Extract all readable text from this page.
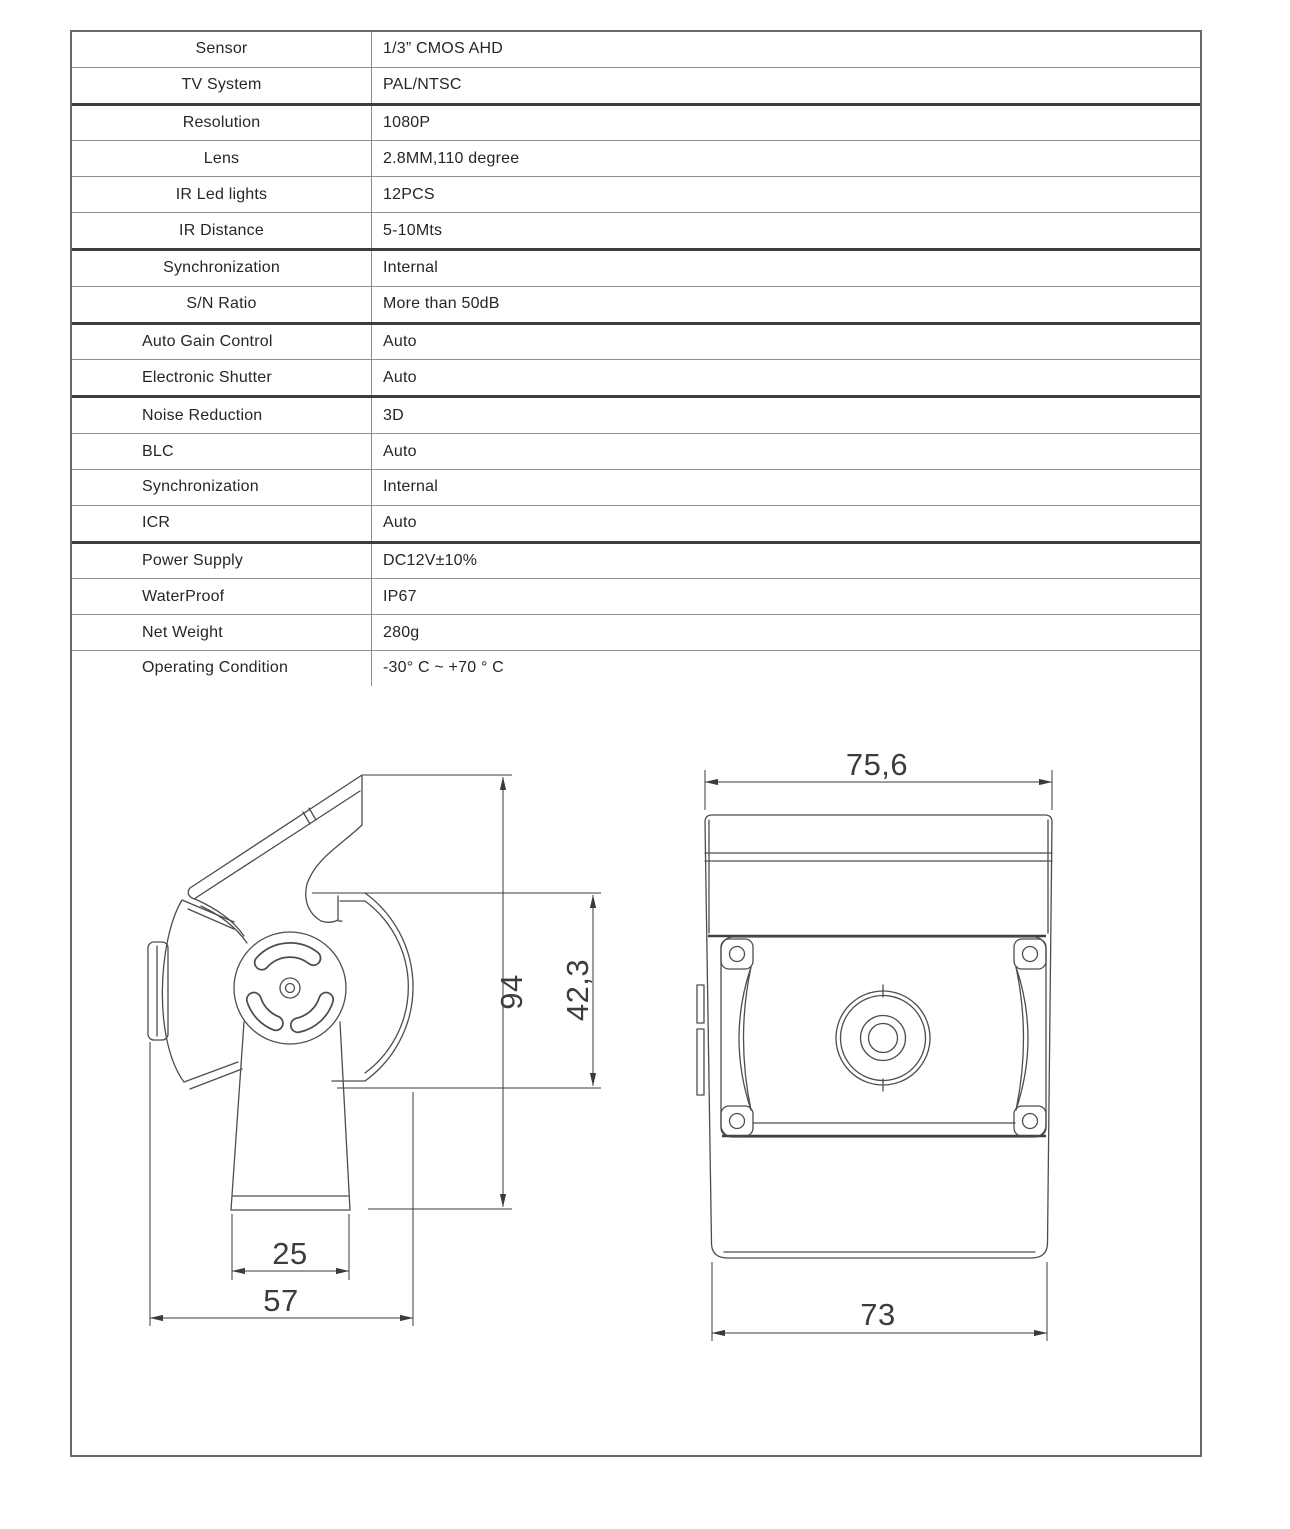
Sensor	1/3” CMOS AHD
TV System	PAL/NTSC
Resolution	1080P
Lens	2.8MM,110 degree
IR Led lights	12PCS
IR Distance	5-10Mts
Synchronization	Internal
S/N Ratio	More than 50dB
Auto Gain Control	Auto
Electronic Shutter	Auto
Noise Reduction	3D
BLC	Auto
Synchronization	Internal
ICR	Auto
Power Supply	DC12V±10%
WaterProof	IP67
Net Weight	280g
Operating Condition	-30° C ~ +70 ° C
94 42,3
25
57
75,6
73
